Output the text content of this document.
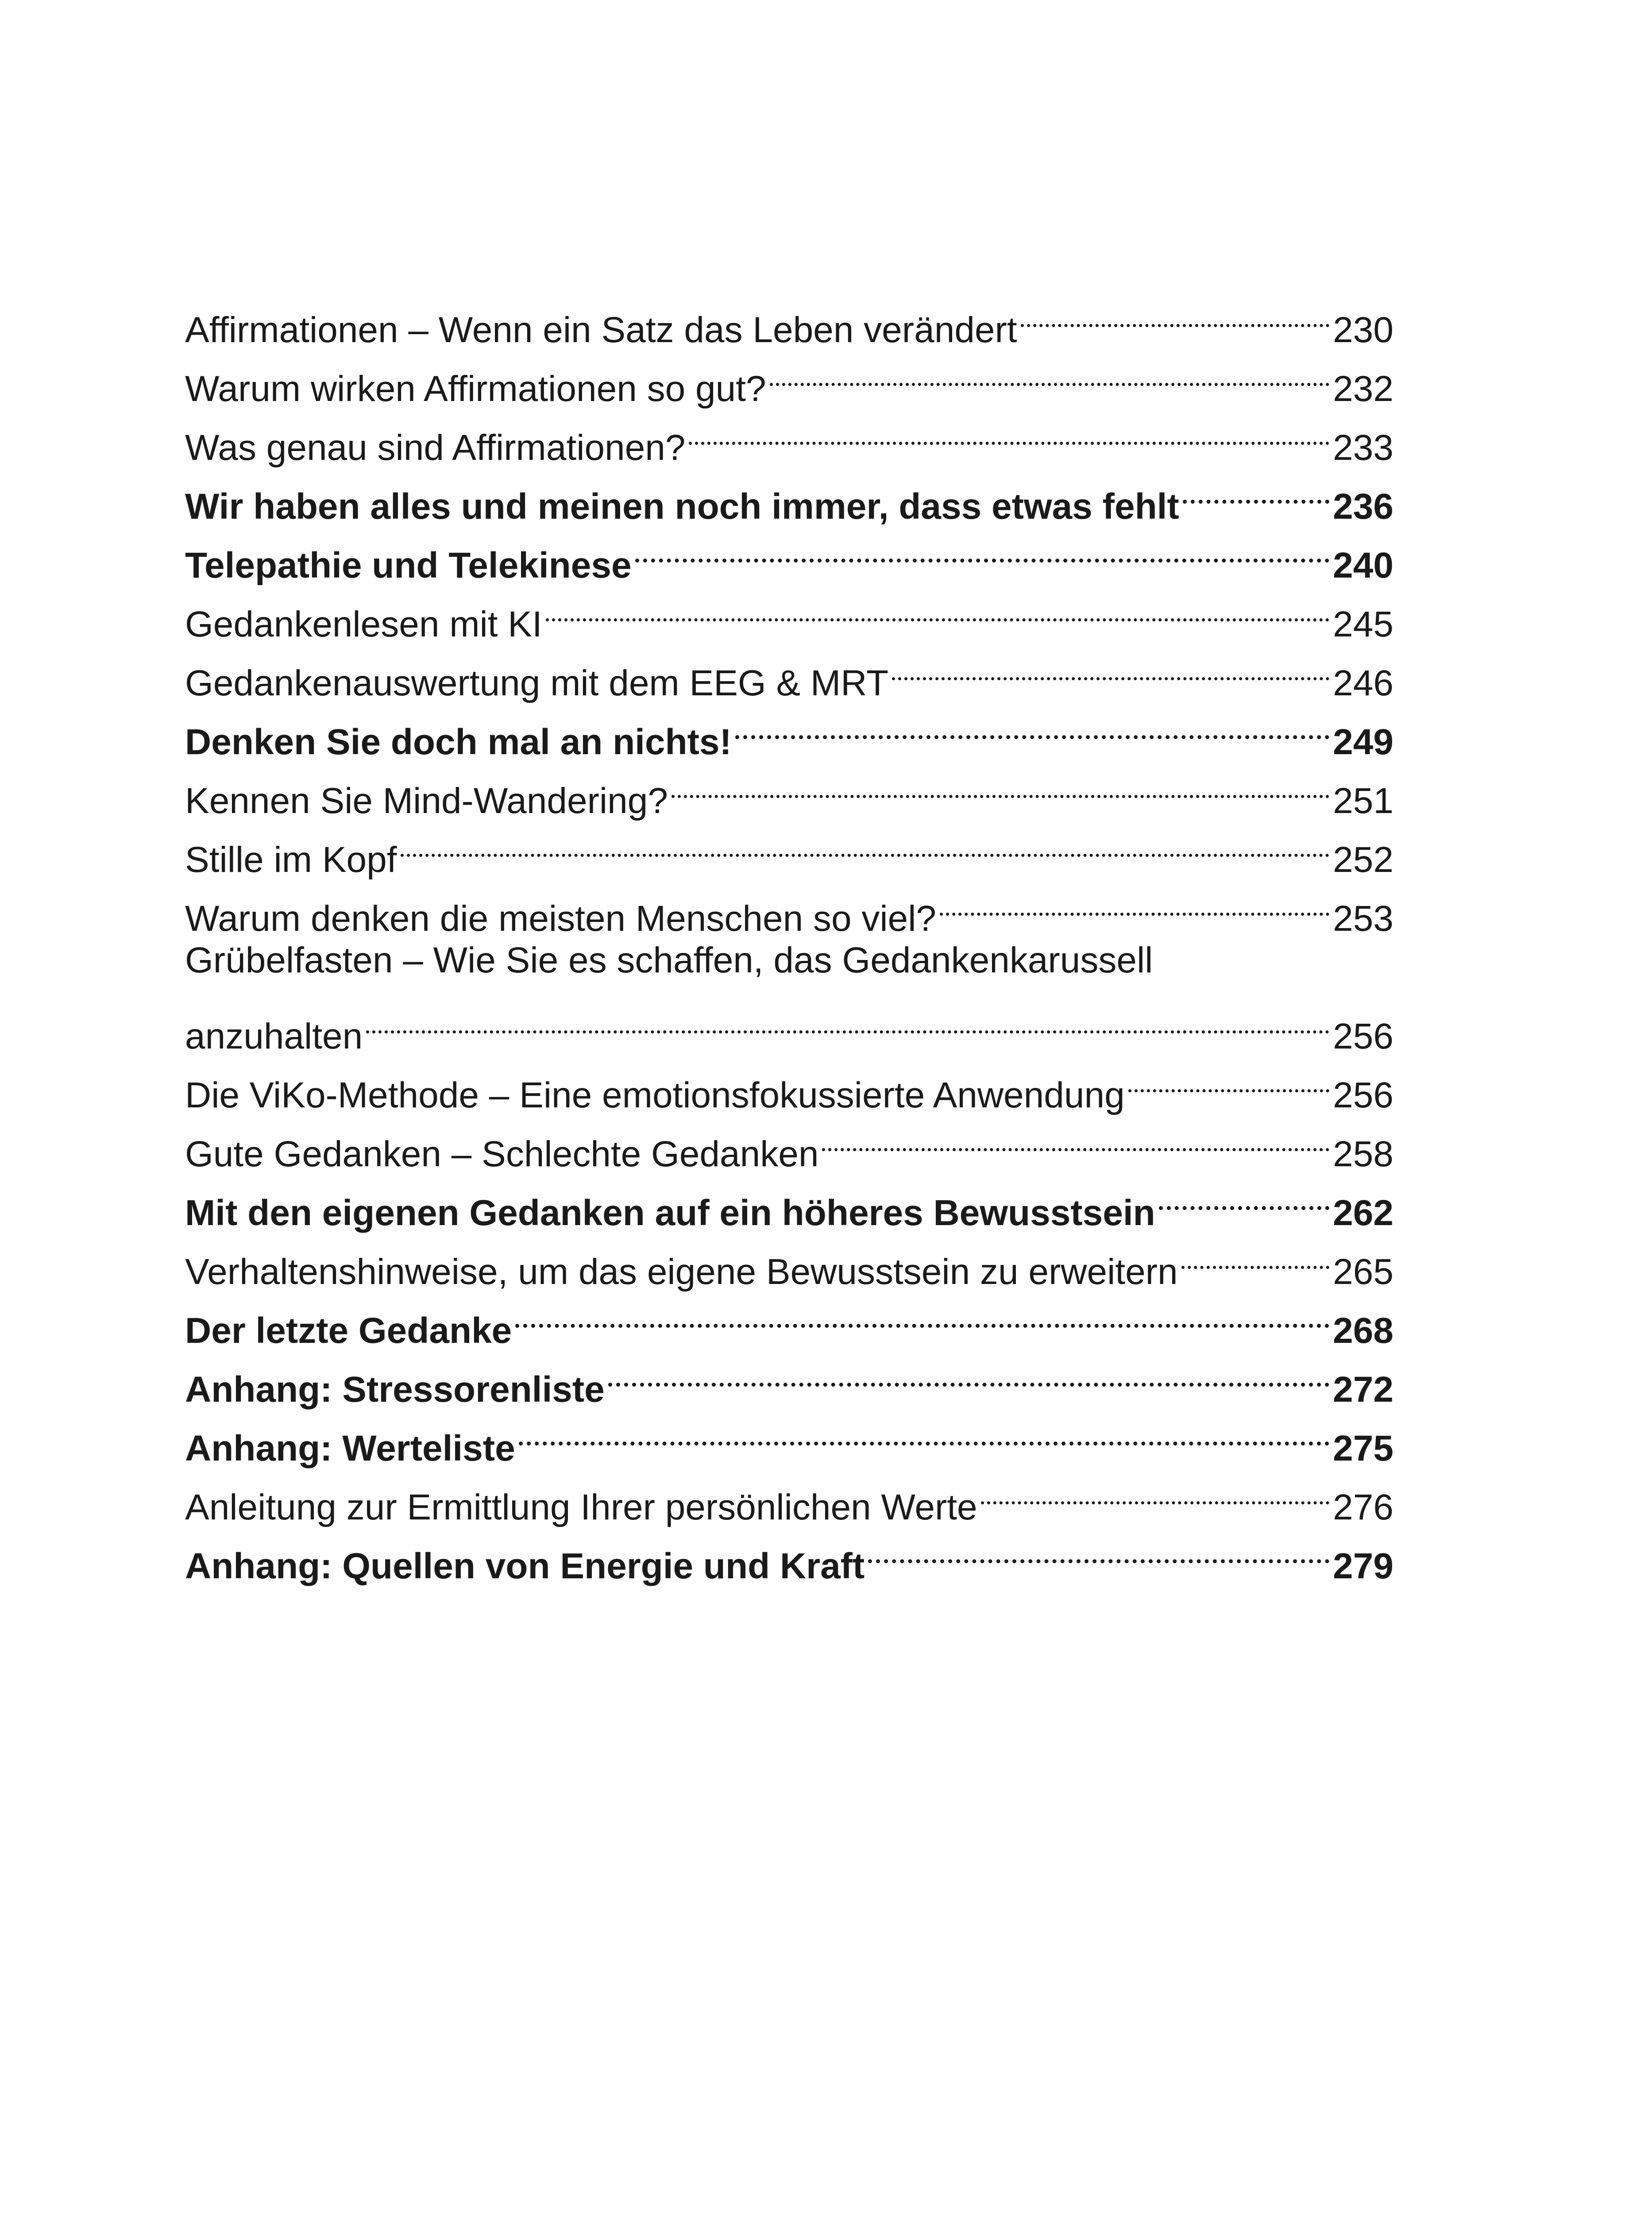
Affirmationen – Wenn ein Satz das Leben verändert	230
Warum wirken Affirmationen so gut?	232
Was genau sind Affirmationen?	233
Wir haben alles und meinen noch immer, dass etwas fehlt	236
Telepathie und Telekinese	240
Gedankenlesen mit KI	245
Gedankenauswertung mit dem EEG & MRT	246
Denken Sie doch mal an nichts!	249
Kennen Sie Mind-Wandering?	251
Stille im Kopf	252
Warum denken die meisten Menschen so viel?	253
Grübelfasten – Wie Sie es schaffen, das Gedankenkarussell
anzuhalten	256
Die ViKo-Methode – Eine emotionsfokussierte Anwendung	256
Gute Gedanken – Schlechte Gedanken	258
Mit den eigenen Gedanken auf ein höheres Bewusstsein	262
Verhaltenshinweise, um das eigene Bewusstsein zu erweitern	265
Der letzte Gedanke	268
Anhang: Stressorenliste	272
Anhang: Werteliste	275
Anleitung zur Ermittlung Ihrer persönlichen Werte	276
Anhang: Quellen von Energie und Kraft	279
